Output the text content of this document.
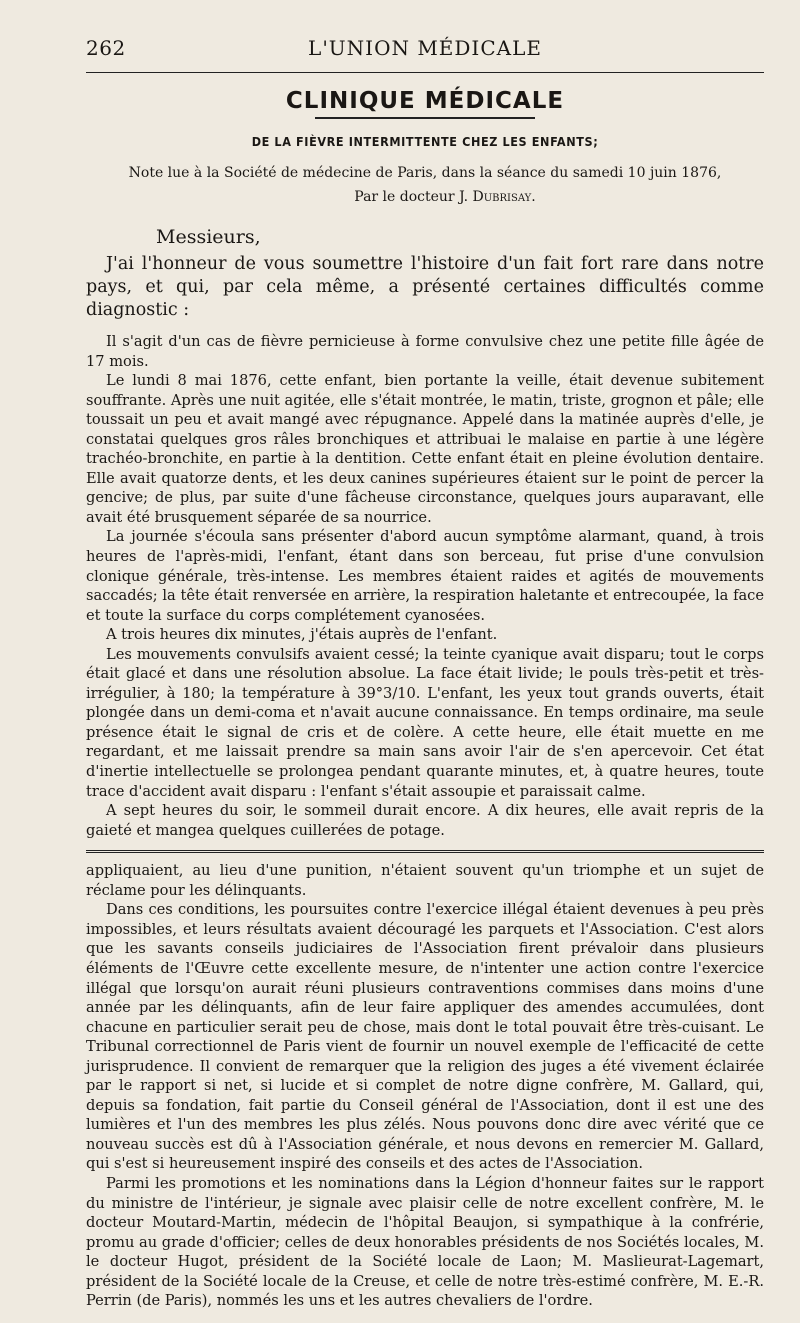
262	L'UNION MÉDICALE
CLINIQUE MÉDICALE
DE LA FIÈVRE INTERMITTENTE CHEZ LES ENFANTS;
Note lue à la Société de médecine de Paris, dans la séance du samedi 10 juin 1876,
Par le docteur J. Dubrisay.
Messieurs,
J'ai l'honneur de vous soumettre l'histoire d'un fait fort rare dans notre pays, et qui, par cela même, a présenté certaines difficultés comme diagnostic :

Il s'agit d'un cas de fièvre pernicieuse à forme convulsive chez une petite fille âgée de 17 mois.

Le lundi 8 mai 1876, cette enfant, bien portante la veille, était devenue subitement souffrante. Après une nuit agitée, elle s'était montrée, le matin, triste, grognon et pâle; elle toussait un peu et avait mangé avec répugnance. Appelé dans la matinée auprès d'elle, je constatai quelques gros râles bronchiques et attribuai le malaise en partie à une légère trachéo-bronchite, en partie à la dentition. Cette enfant était en pleine évolution dentaire. Elle avait quatorze dents, et les deux canines supérieures étaient sur le point de percer la gencive; de plus, par suite d'une fâcheuse circonstance, quelques jours auparavant, elle avait été brusquement séparée de sa nourrice.

La journée s'écoula sans présenter d'abord aucun symptôme alarmant, quand, à trois heures de l'après-midi, l'enfant, étant dans son berceau, fut prise d'une convulsion clonique générale, très-intense. Les membres étaient raides et agités de mouvements saccadés; la tête était renversée en arrière, la respiration haletante et entrecoupée, la face et toute la surface du corps complétement cyanosées.

A trois heures dix minutes, j'étais auprès de l'enfant.

Les mouvements convulsifs avaient cessé; la teinte cyanique avait disparu; tout le corps était glacé et dans une résolution absolue. La face était livide; le pouls très-petit et très-irrégulier, à 180; la température à 39°3/10. L'enfant, les yeux tout grands ouverts, était plongée dans un demi-coma et n'avait aucune connaissance. En temps ordinaire, ma seule présence était le signal de cris et de colère. A cette heure, elle était muette en me regardant, et me laissait prendre sa main sans avoir l'air de s'en apercevoir. Cet état d'inertie intellectuelle se prolongea pendant quarante minutes, et, à quatre heures, toute trace d'accident avait disparu : l'enfant s'était assoupie et paraissait calme.

A sept heures du soir, le sommeil durait encore. A dix heures, elle avait repris de la gaieté et mangea quelques cuillerées de potage.

appliquaient, au lieu d'une punition, n'étaient souvent qu'un triomphe et un sujet de réclame pour les délinquants.

Dans ces conditions, les poursuites contre l'exercice illégal étaient devenues à peu près impossibles, et leurs résultats avaient découragé les parquets et l'Association. C'est alors que les savants conseils judiciaires de l'Association firent prévaloir dans plusieurs éléments de l'Œuvre cette excellente mesure, de n'intenter une action contre l'exercice illégal que lorsqu'on aurait réuni plusieurs contraventions commises dans moins d'une année par les délinquants, afin de leur faire appliquer des amendes accumulées, dont chacune en particulier serait peu de chose, mais dont le total pouvait être très-cuisant. Le Tribunal correctionnel de Paris vient de fournir un nouvel exemple de l'efficacité de cette jurisprudence. Il convient de remarquer que la religion des juges a été vivement éclairée par le rapport si net, si lucide et si complet de notre digne confrère, M. Gallard, qui, depuis sa fondation, fait partie du Conseil général de l'Association, dont il est une des lumières et l'un des membres les plus zélés. Nous pouvons donc dire avec vérité que ce nouveau succès est dû à l'Association générale, et nous devons en remercier M. Gallard, qui s'est si heureusement inspiré des conseils et des actes de l'Association.

Parmi les promotions et les nominations dans la Légion d'honneur faites sur le rapport du ministre de l'intérieur, je signale avec plaisir celle de notre excellent confrère, M. le docteur Moutard-Martin, médecin de l'hôpital Beaujon, si sympathique à la confrérie, promu au grade d'officier; celles de deux honorables présidents de nos Sociétés locales, M. le docteur Hugot, président de la Société locale de Laon; M. Maslieurat-Lagemart, président de la Société locale de la Creuse, et celle de notre très-estimé confrère, M. E.-R. Perrin (de Paris), nommés les uns et les autres chevaliers de l'ordre.
